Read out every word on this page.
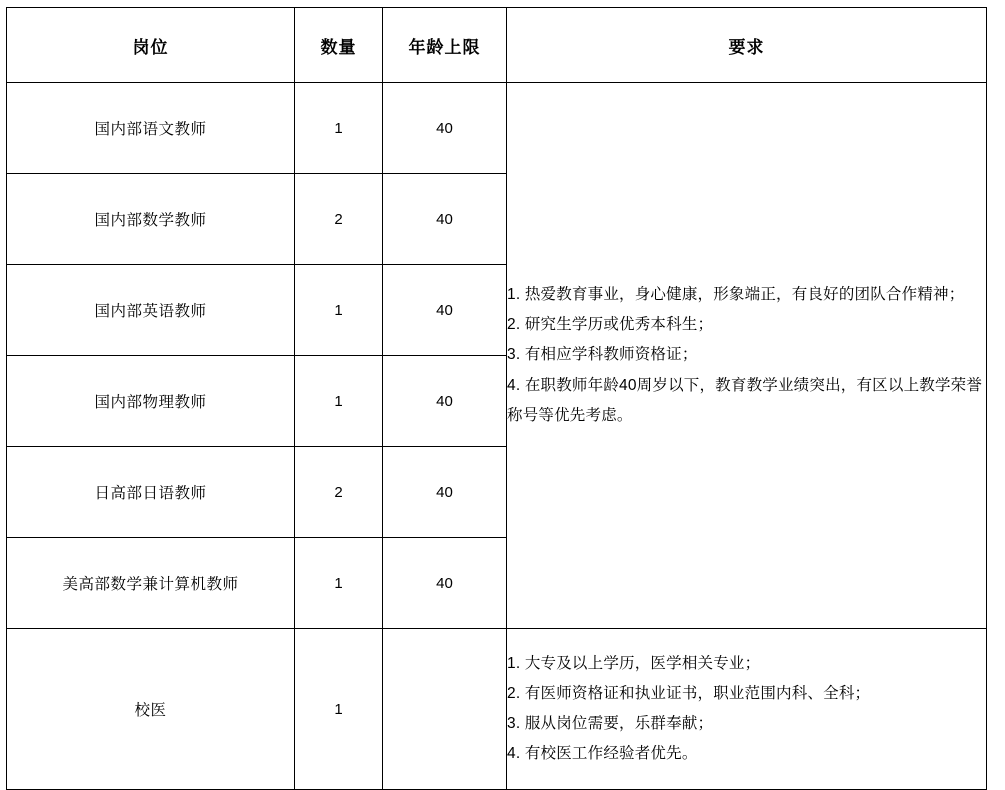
岗位	数量	年龄上限	要求
国内部语文教师	1	40	1. 热爱教育事业，身心健康，形象端正，有良好的团队合作精神；
2. 研究生学历或优秀本科生；
3. 有相应学科教师资格证；
4. 在职教师年龄40周岁以下，教育教学业绩突出，有区以上教学荣誉称号等优先考虑。

国内部数学教师	2	40	
国内部英语教师	1	40	
国内部物理教师	1	40	
日高部日语教师	2	40	
美高部数学兼计算机教师	1	40	
校医	1		1. 大专及以上学历，医学相关专业；
2. 有医师资格证和执业证书，职业范围内科、全科；
3. 服从岗位需要，乐群奉献；
4. 有校医工作经验者优先。
